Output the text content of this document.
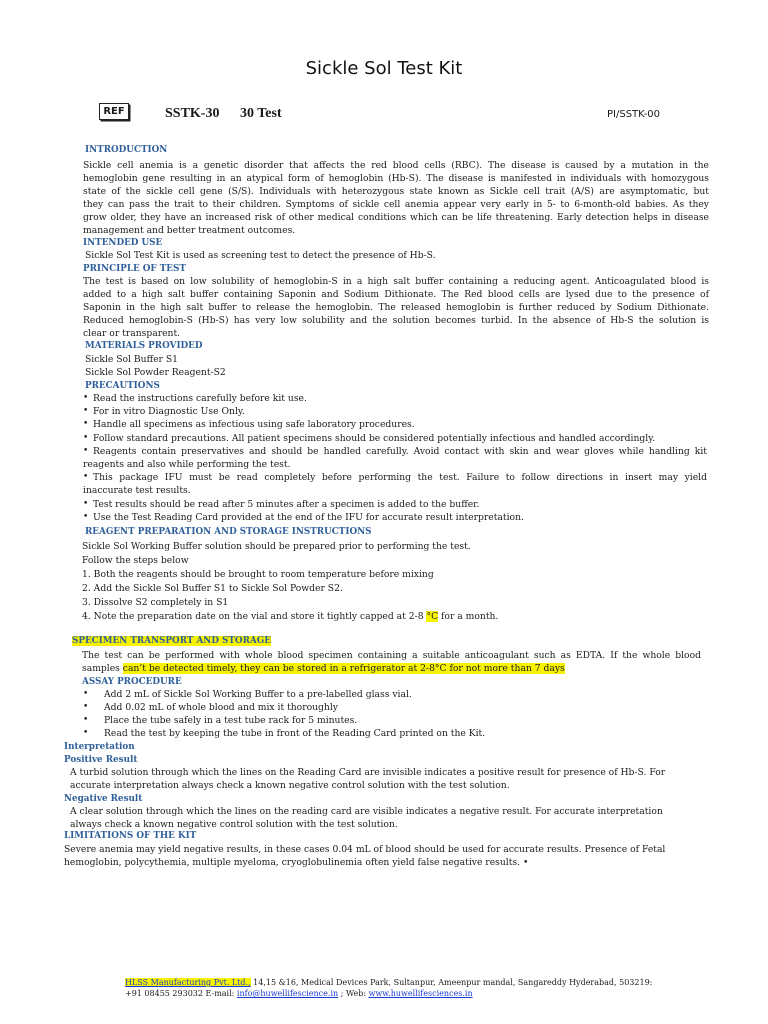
Sickle Sol Test Kit
REF	SSTK-30 30 Test	PI/SSTK-00
INTRODUCTION
Sickle cell anemia is a genetic disorder that affects the red blood cells (RBC). The disease is caused by a mutation in the
hemoglobin gene resulting in an atypical form of hemoglobin (Hb-S). The disease is manifested in individuals with homozygous
state of the sickle cell gene (S/S). Individuals with heterozygous state known as Sickle cell trait (A/S) are asymptomatic, but
they can pass the trait to their children. Symptoms of sickle cell anemia appear very early in 5- to 6-month-old babies. As they
grow older, they have an increased risk of other medical conditions which can be life threatening. Early detection helps in disease
management and better treatment outcomes.
INTENDED USE
Sickle Sol Test Kit is used as screening test to detect the presence of Hb-S.
PRINCIPLE OF TEST
The test is based on low solubility of hemoglobin-S in a high salt buffer containing a reducing agent. Anticoagulated blood is
added to a high salt buffer containing Saponin and Sodium Dithionate. The Red blood cells are lysed due to the presence of
Saponin in the high salt buffer to release the hemoglobin. The released hemoglobin is further reduced by Sodium Dithionate.
Reduced hemoglobin-S (Hb-S) has very low solubility and the solution becomes turbid. In the absence of Hb-S the solution is
clear or transparent.
MATERIALS PROVIDED
Sickle Sol Buffer S1
Sickle Sol Powder Reagent-S2
PRECAUTIONS
• Read the instructions carefully before kit use.
• For in vitro Diagnostic Use Only.
• Handle all specimens as infectious using safe laboratory procedures.
• Follow standard precautions. All patient specimens should be considered potentially infectious and handled accordingly.
• Reagents contain preservatives and should be handled carefully. Avoid contact with skin and wear gloves while handling kit
reagents and also while performing the test.
• This package IFU must be read completely before performing the test. Failure to follow directions in insert may yield
inaccurate test results.
• Test results should be read after 5 minutes after a specimen is added to the buffer.
• Use the Test Reading Card provided at the end of the IFU for accurate result interpretation.
REAGENT PREPARATION AND STORAGE INSTRUCTIONS
Sickle Sol Working Buffer solution should be prepared prior to performing the test.
Follow the steps below
1. Both the reagents should be brought to room temperature before mixing
2. Add the Sickle Sol Buffer S1 to Sickle Sol Powder S2.
3. Dissolve S2 completely in S1
4. Note the preparation date on the vial and store it tightly capped at 2-8 °C for a month.
SPECIMEN TRANSPORT AND STORAGE
The test can be performed with whole blood specimen containing a suitable anticoagulant such as EDTA. If the whole blood
samples can’t be detected timely, they can be stored in a refrigerator at 2-8°C for not more than 7 days
ASSAY PROCEDURE
• Add 2 mL of Sickle Sol Working Buffer to a pre-labelled glass vial.
• Add 0.02 mL of whole blood and mix it thoroughly
• Place the tube safely in a test tube rack for 5 minutes.
• Read the test by keeping the tube in front of the Reading Card printed on the Kit.
Interpretation
Positive Result
A turbid solution through which the lines on the Reading Card are invisible indicates a positive result for presence of Hb-S. For
accurate interpretation always check a known negative control solution with the test solution.
Negative Result
A clear solution through which the lines on the reading card are visible indicates a negative result. For accurate interpretation
always check a known negative control solution with the test solution.
LIMITATIONS OF THE KIT
Severe anemia may yield negative results, in these cases 0.04 mL of blood should be used for accurate results. Presence of Fetal
hemoglobin, polycythemia, multiple myeloma, cryoglobulinemia often yield false negative results. •
HLSS Manufacturing Pvt. Ltd., 14,15 &16, Medical Devices Park, Sultanpur, Ameenpur mandal, Sangareddy Hyderabad, 503219:
+91 08455 293032 E-mail: info@huwellifescience.in ; Web: www.huwellifesciences.in
